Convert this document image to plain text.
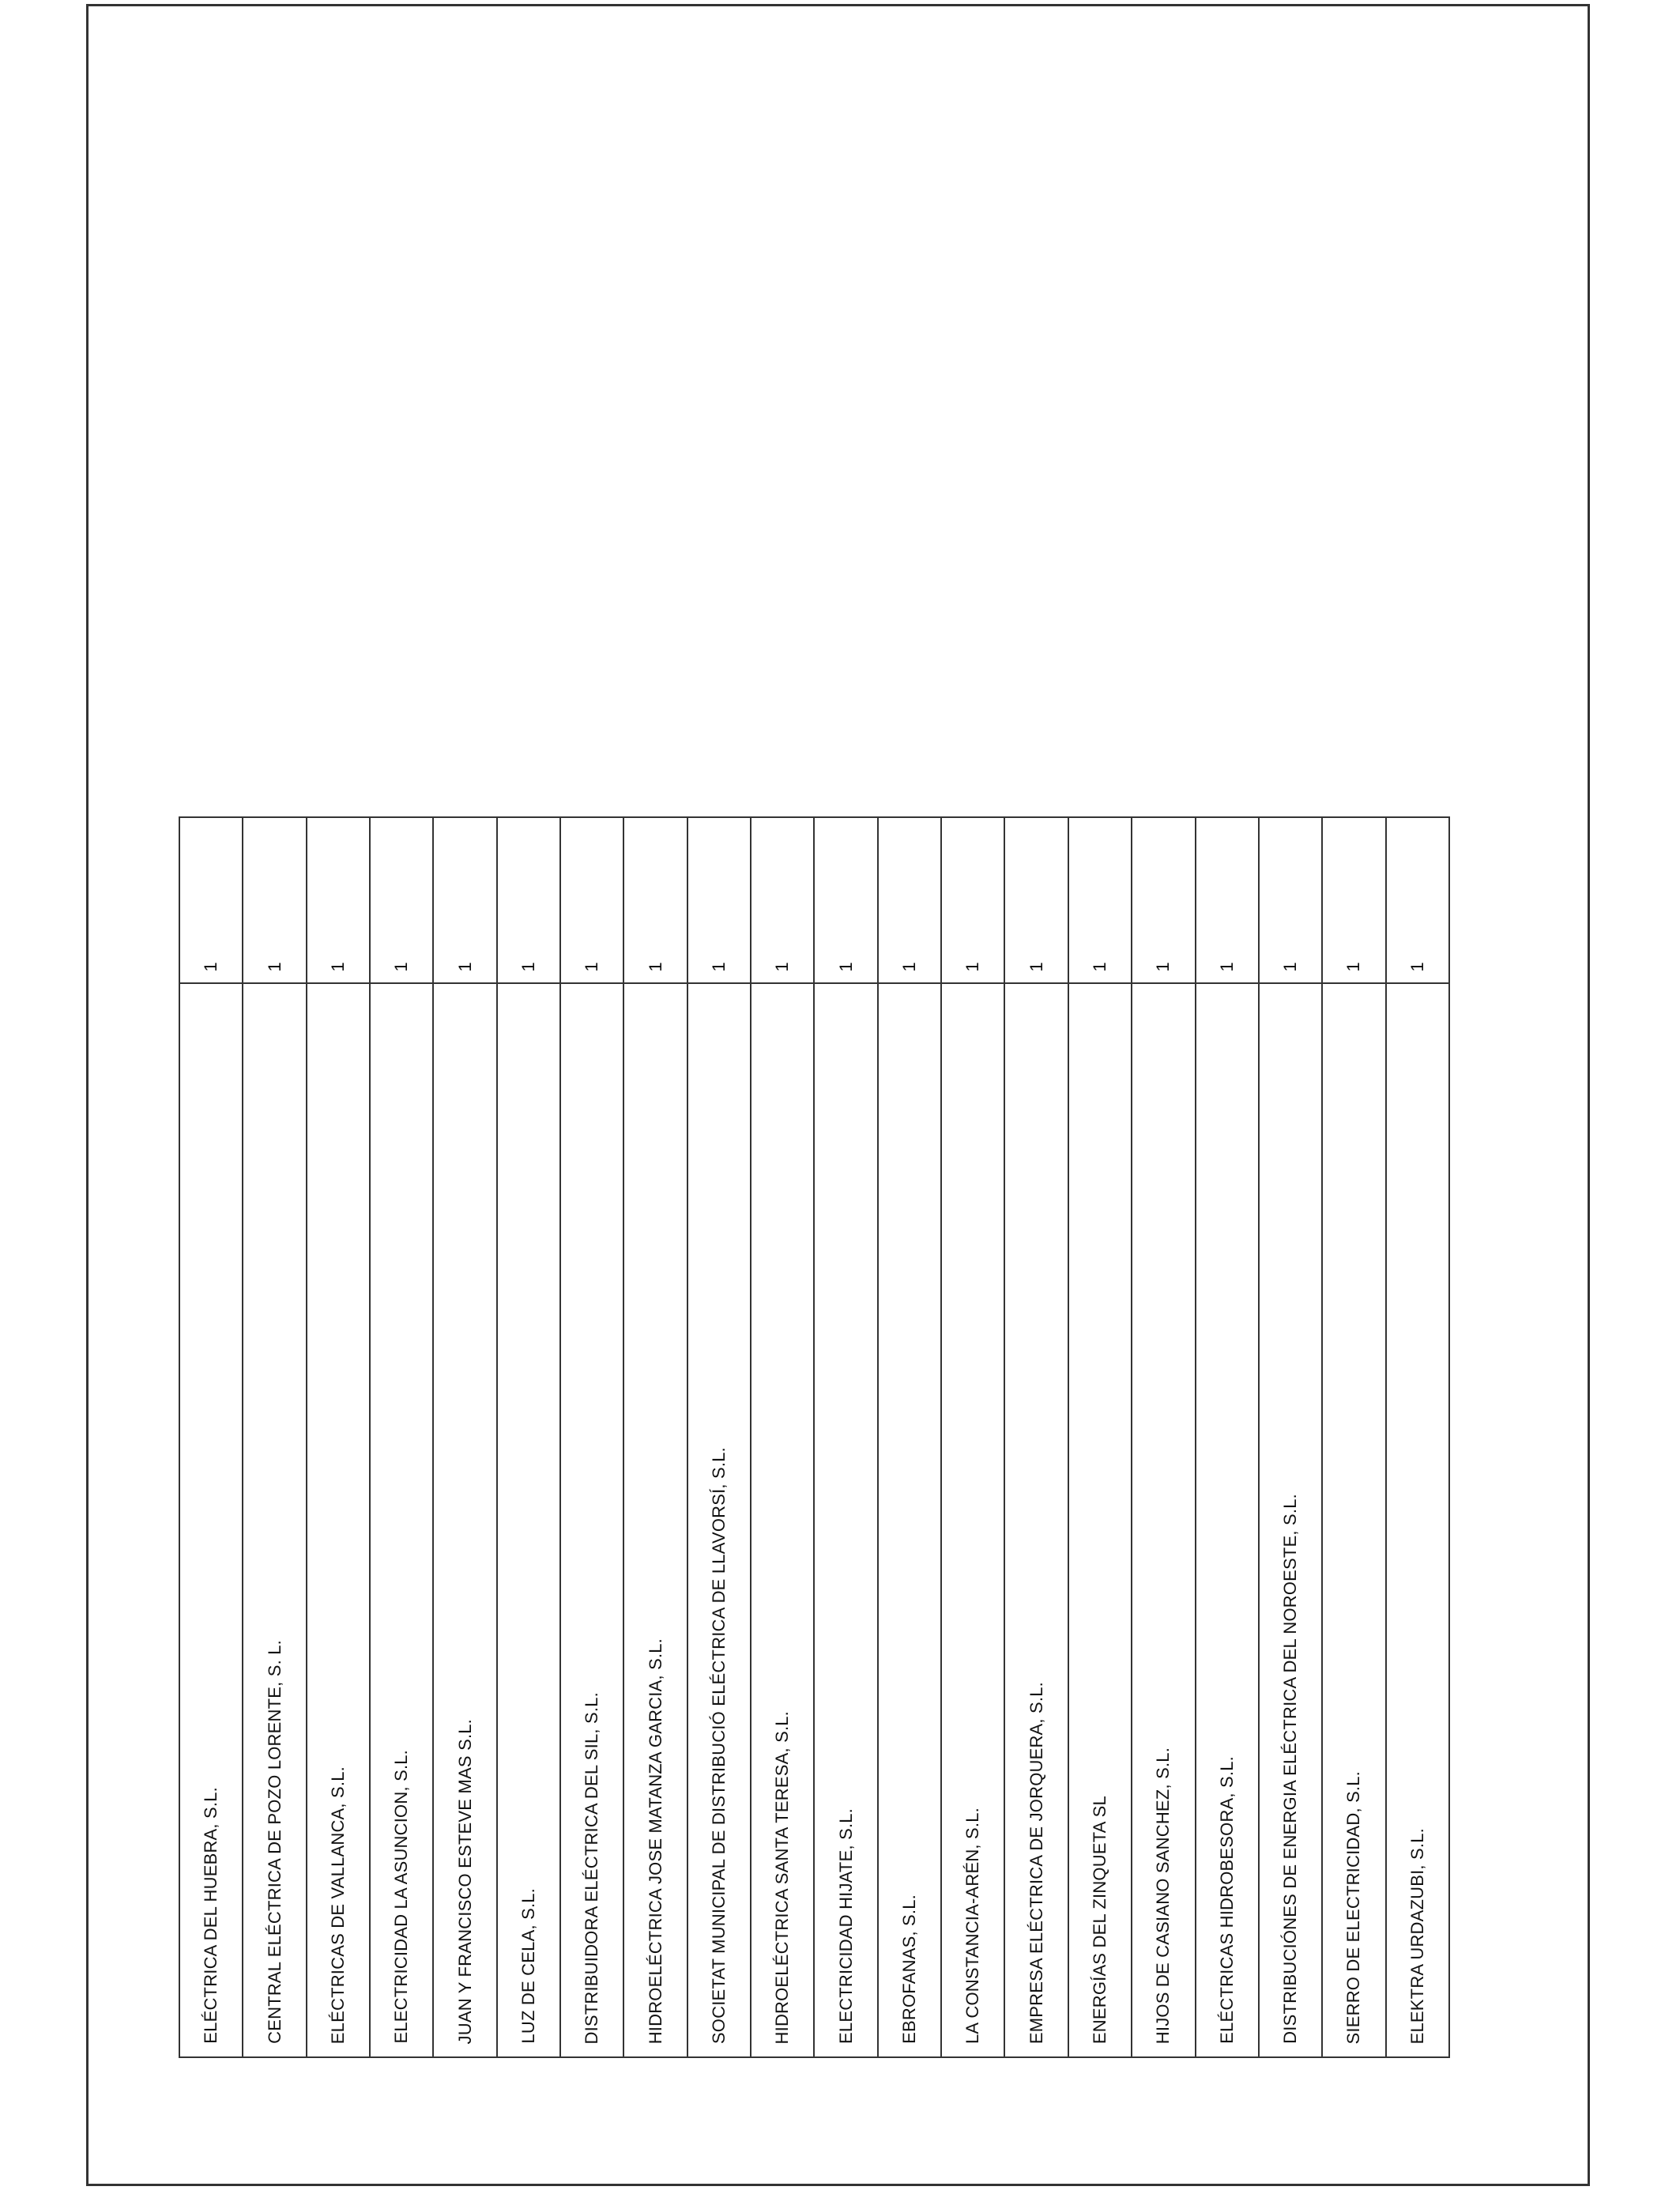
1
ELÉCTRICA DEL HUEBRA, S.L.
1
CENTRAL ELÉCTRICA DE POZO LORENTE, S. L.
1
ELÉCTRICAS DE VALLANCA, S.L.
1
ELECTRICIDAD LA ASUNCION, S.L.
1
JUAN Y FRANCISCO ESTEVE MAS S.L.
1
LUZ DE CELA, S.L.
1
DISTRIBUIDORA ELÉCTRICA DEL SIL, S.L.
1
HIDROELÉCTRICA JOSE MATANZA GARCIA, S.L.
1
SOCIETAT MUNICIPAL DE DISTRIBUCIÓ ELÉCTRICA DE LLAVORSÍ, S.L.
1
HIDROELÉCTRICA SANTA TERESA, S.L.
1
ELECTRICIDAD HIJATE, S.L.
1
EBROFANAS, S.L.
1
LA CONSTANCIA-ARÉN, S.L.
1
EMPRESA ELÉCTRICA DE JORQUERA, S.L.
1
ENERGÍAS DEL ZINQUETA SL
1
HIJOS DE CASIANO SANCHEZ, S.L.
1
ELÉCTRICAS HIDROBESORA, S.L.
1
DISTRIBUCIÓNES DE ENERGIA ELÉCTRICA DEL NOROESTE, S.L.
1
SIERRO DE ELECTRICIDAD, S.L.
1
ELEKTRA URDAZUBI, S.L.
